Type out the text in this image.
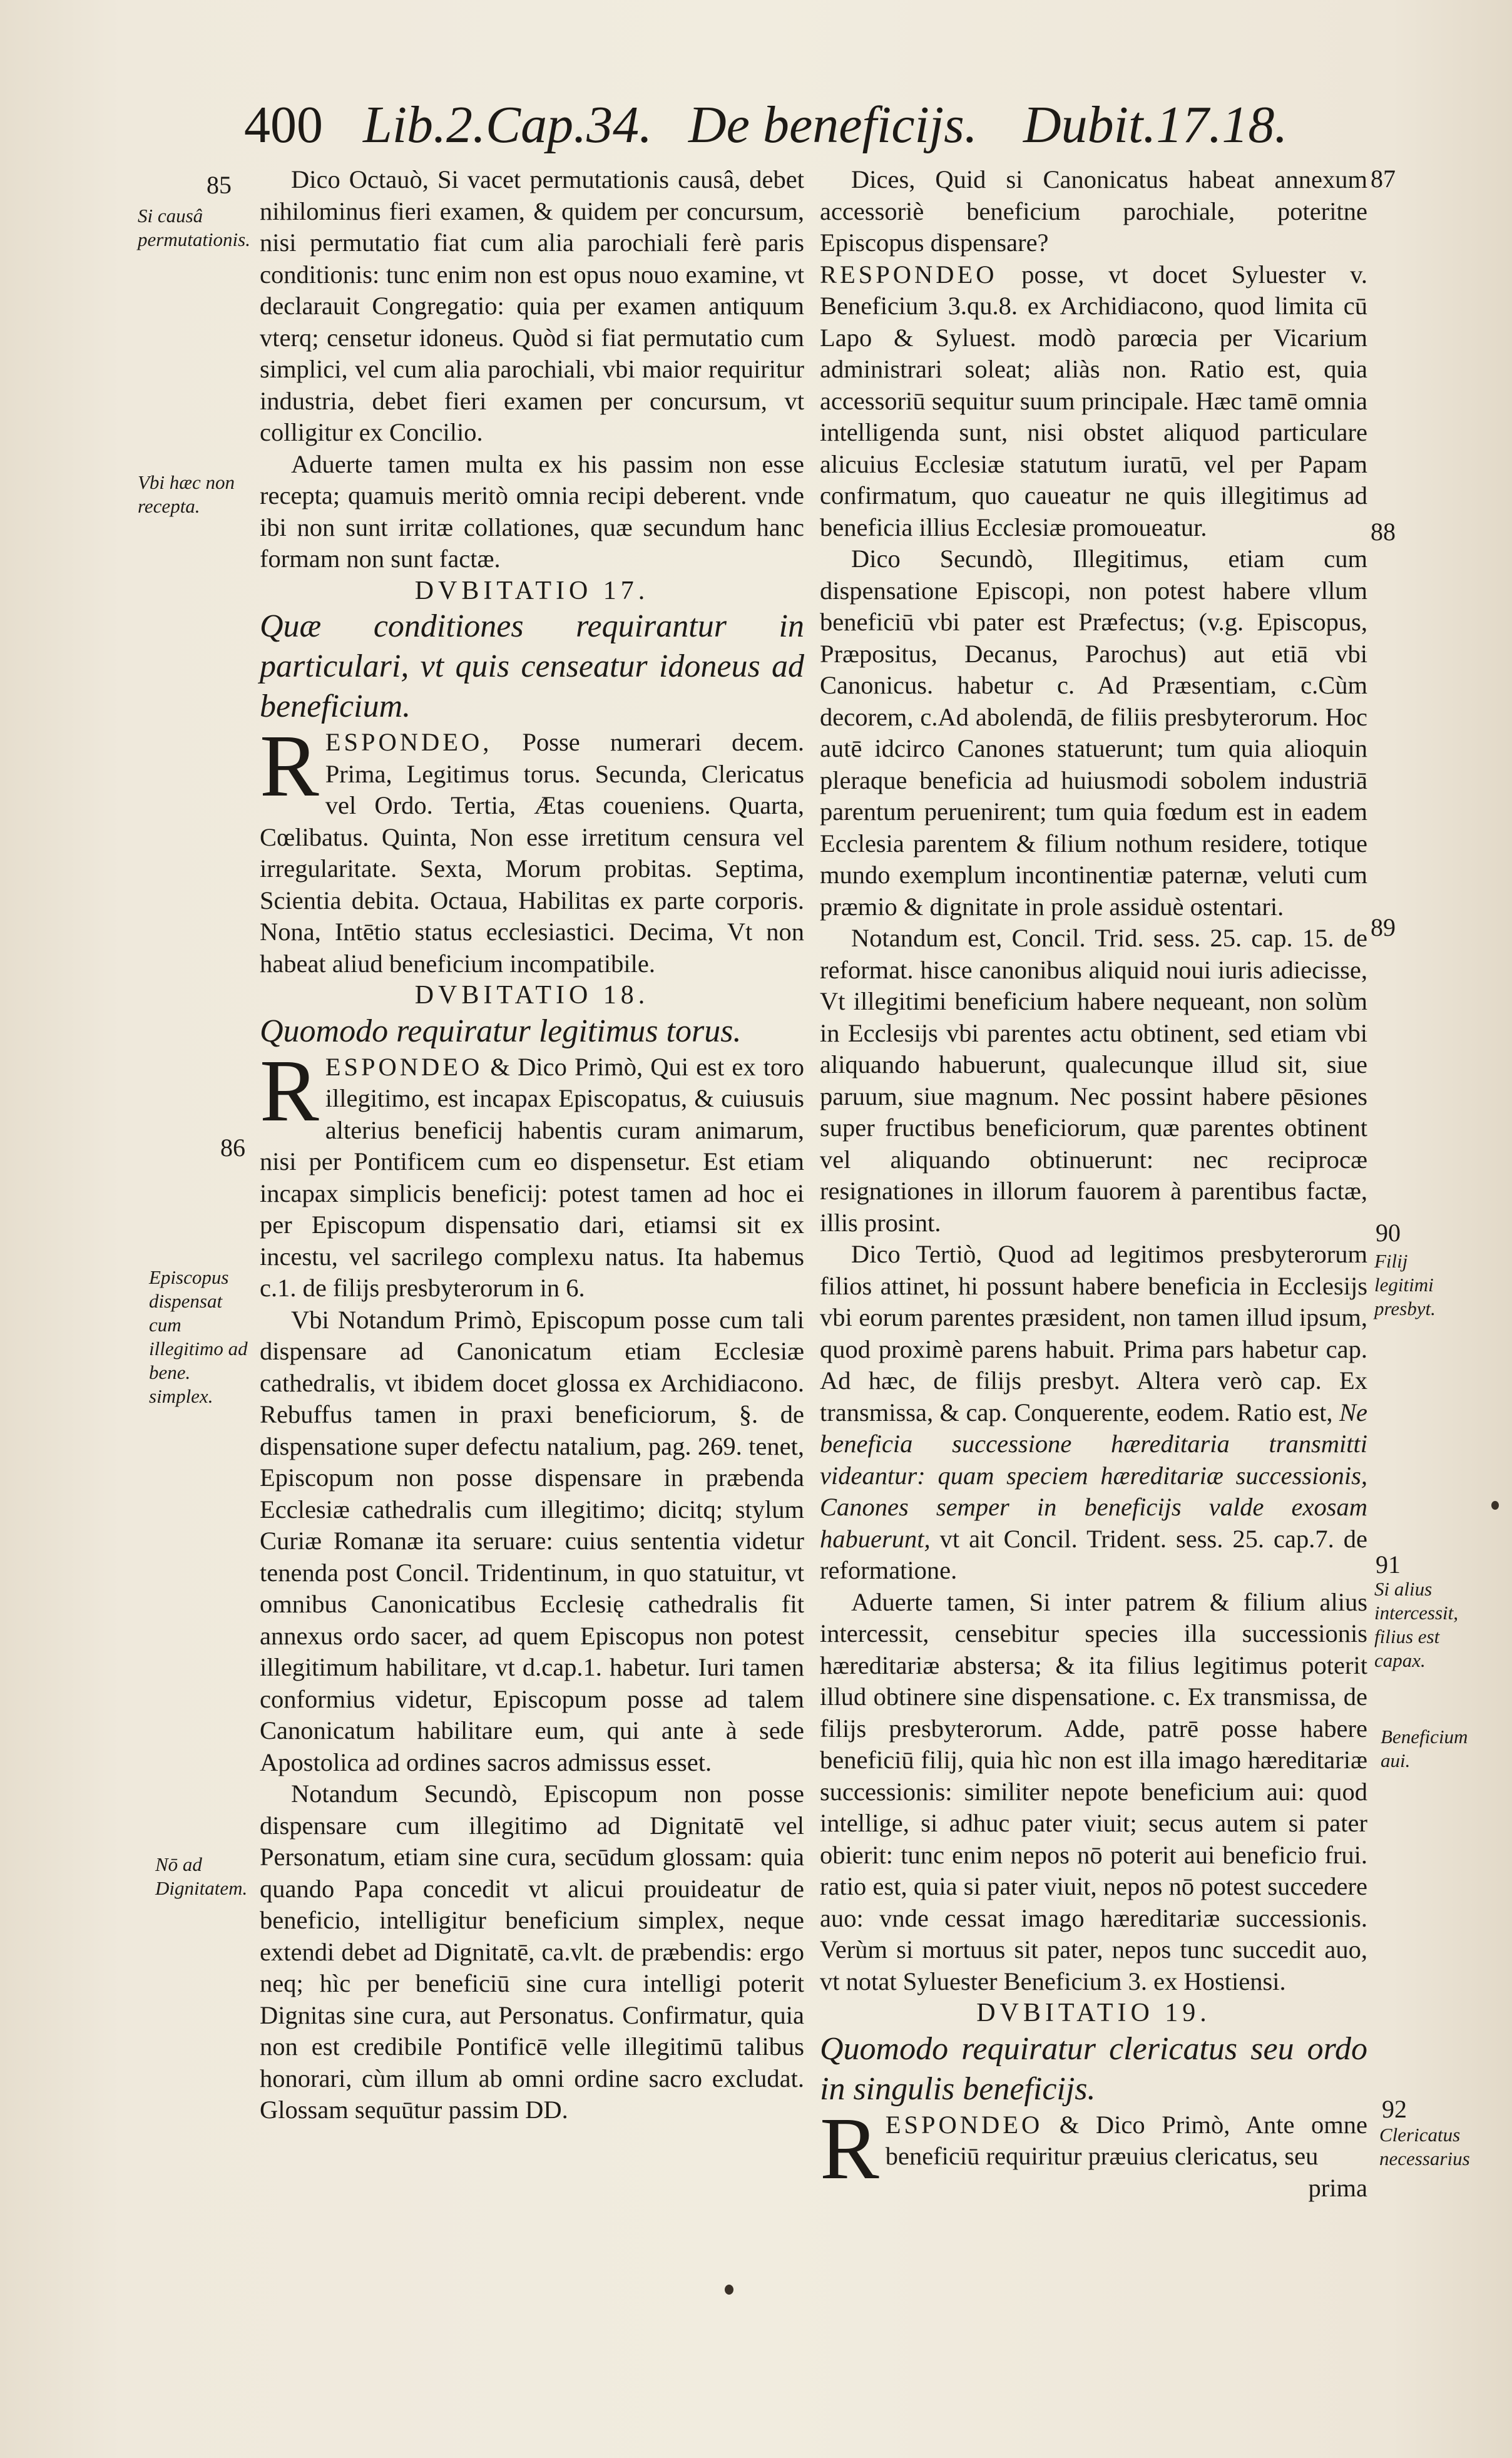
400 Lib.2.Cap.34. De beneficijs. Dubit.17.18.
85
86
87
88
89
90
91
92
Si causâ permutationis.
Vbi hæc non recepta.
Episcopus dispensat cum illegitimo ad bene. simplex.
Nō ad Dignitatem.
Filij legitimi presbyt.
Si alius intercessit, filius est capax.
Beneficium aui.
Clericatus necessarius

Dico Octauò, Si vacet permutationis causâ, debet nihilominus fieri examen, & quidem per concursum, nisi permutatio fiat cum alia parochiali ferè paris conditionis: tunc enim non est opus nouo examine, vt declarauit Congregatio: quia per examen antiquum vterq; censetur idoneus. Quòd si fiat permutatio cum simplici, vel cum alia parochiali, vbi maior requiritur industria, debet fieri examen per concursum, vt colligitur ex Concilio.

Aduerte tamen multa ex his passim non esse recepta; quamuis meritò omnia recipi deberent. vnde ibi non sunt irritæ collationes, quæ secundum hanc formam non sunt factæ.

DVBITATIO 17.

Quæ conditiones requirantur in particulari, vt quis censeatur idoneus ad beneficium.

RESPONDEO, Posse numerari decem. Prima, Legitimus torus. Secunda, Clericatus vel Ordo. Tertia, Ætas coueniens. Quarta, Cœlibatus. Quinta, Non esse irretitum censura vel irregularitate. Sexta, Morum probitas. Septima, Scientia debita. Octaua, Habilitas ex parte corporis. Nona, Intētio status ecclesiastici. Decima, Vt non habeat aliud beneficium incompatibile.

DVBITATIO 18.

Quomodo requiratur legitimus torus.

RESPONDEO & Dico Primò, Qui est ex toro illegitimo, est incapax Episcopatus, & cuiusuis alterius beneficij habentis curam animarum, nisi per Pontificem cum eo dispensetur. Est etiam incapax simplicis beneficij: potest tamen ad hoc ei per Episcopum dispensatio dari, etiamsi sit ex incestu, vel sacrilego complexu natus. Ita habemus c.1. de filijs presbyterorum in 6.

Vbi Notandum Primò, Episcopum posse cum tali dispensare ad Canonicatum etiam Ecclesiæ cathedralis, vt ibidem docet glossa ex Archidiacono. Rebuffus tamen in praxi beneficiorum, §. de dispensatione super defectu natalium, pag. 269. tenet, Episcopum non posse dispensare in præbenda Ecclesiæ cathedralis cum illegitimo; dicitq; stylum Curiæ Romanæ ita seruare: cuius sententia videtur tenenda post Concil. Tridentinum, in quo statuitur, vt omnibus Canonicatibus Ecclesię cathedralis fit annexus ordo sacer, ad quem Episcopus non potest illegitimum habilitare, vt d.cap.1. habetur. Iuri tamen conformius videtur, Episcopum posse ad talem Canonicatum habilitare eum, qui ante à sede Apostolica ad ordines sacros admissus esset.

Notandum Secundò, Episcopum non posse dispensare cum illegitimo ad Dignitatē vel Personatum, etiam sine cura, secūdum glossam: quia quando Papa concedit vt alicui prouideatur de beneficio, intelligitur beneficium simplex, neque extendi debet ad Dignitatē, ca.vlt. de præbendis: ergo neq; hìc per beneficiū sine cura intelligi poterit Dignitas sine cura, aut Personatus. Confirmatur, quia non est credibile Pontificē velle illegitimū talibus honorari, cùm illum ab omni ordine sacro excludat. Glossam sequūtur passim DD.

Dices, Quid si Canonicatus habeat annexum accessoriè beneficium parochiale, poteritne Episcopus dispensare?

RESPONDEO posse, vt docet Syluester v. Beneficium 3.qu.8. ex Archidiacono, quod limita cū Lapo & Syluest. modò parœcia per Vicarium administrari soleat; aliàs non. Ratio est, quia accessoriū sequitur suum principale. Hæc tamē omnia intelligenda sunt, nisi obstet aliquod particulare alicuius Ecclesiæ statutum iuratū, vel per Papam confirmatum, quo caueatur ne quis illegitimus ad beneficia illius Ecclesiæ promoueatur.

Dico Secundò, Illegitimus, etiam cum dispensatione Episcopi, non potest habere vllum beneficiū vbi pater est Præfectus; (v.g. Episcopus, Præpositus, Decanus, Parochus) aut etiā vbi Canonicus. habetur c. Ad Præsentiam, c.Cùm decorem, c.Ad abolendā, de filiis presbyterorum. Hoc autē idcirco Canones statuerunt; tum quia alioquin pleraque beneficia ad huiusmodi sobolem industriā parentum peruenirent; tum quia fœdum est in eadem Ecclesia parentem & filium nothum residere, totique mundo exemplum incontinentiæ paternæ, veluti cum præmio & dignitate in prole assiduè ostentari.

Notandum est, Concil. Trid. sess. 25. cap. 15. de reformat. hisce canonibus aliquid noui iuris adiecisse, Vt illegitimi beneficium habere nequeant, non solùm in Ecclesijs vbi parentes actu obtinent, sed etiam vbi aliquando habuerunt, qualecunque illud sit, siue paruum, siue magnum. Nec possint habere pēsiones super fructibus beneficiorum, quæ parentes obtinent vel aliquando obtinuerunt: nec reciprocæ resignationes in illorum fauorem à parentibus factæ, illis prosint.

Dico Tertiò, Quod ad legitimos presbyterorum filios attinet, hi possunt habere beneficia in Ecclesijs vbi eorum parentes præsident, non tamen illud ipsum, quod proximè parens habuit. Prima pars habetur cap. Ad hæc, de filijs presbyt. Altera verò cap. Ex transmissa, & cap. Conquerente, eodem. Ratio est, Ne beneficia successione hæreditaria transmitti videantur: quam speciem hæreditariæ successionis, Canones semper in beneficijs valde exosam habuerunt, vt ait Concil. Trident. sess. 25. cap.7. de reformatione.

Aduerte tamen, Si inter patrem & filium alius intercessit, censebitur species illa successionis hæreditariæ abstersa; & ita filius legitimus poterit illud obtinere sine dispensatione. c. Ex transmissa, de filijs presbyterorum. Adde, patrē posse habere beneficiū filij, quia hìc non est illa imago hæreditariæ successionis: similiter nepote beneficium aui: quod intellige, si adhuc pater viuit; secus autem si pater obierit: tunc enim nepos nō poterit aui beneficio frui. ratio est, quia si pater viuit, nepos nō potest succedere auo: vnde cessat imago hæreditariæ successionis. Verùm si mortuus sit pater, nepos tunc succedit auo, vt notat Syluester Beneficium 3. ex Hostiensi.

DVBITATIO 19.

Quomodo requiratur clericatus seu ordo in singulis beneficijs.

RESPONDEO & Dico Primò, Ante omne beneficiū requiritur præuius clericatus, seu

prima
